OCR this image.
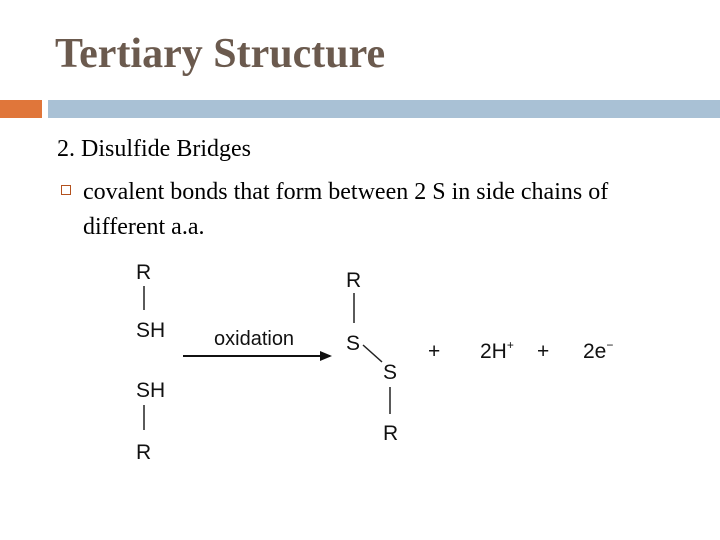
Tertiary Structure
2. Disulfide Bridges
covalent bonds that form between 2 S in side chains of different a.a.
R
SH
SH
R
oxidation
R
S
S
R
+ 2H+ + 2e−
